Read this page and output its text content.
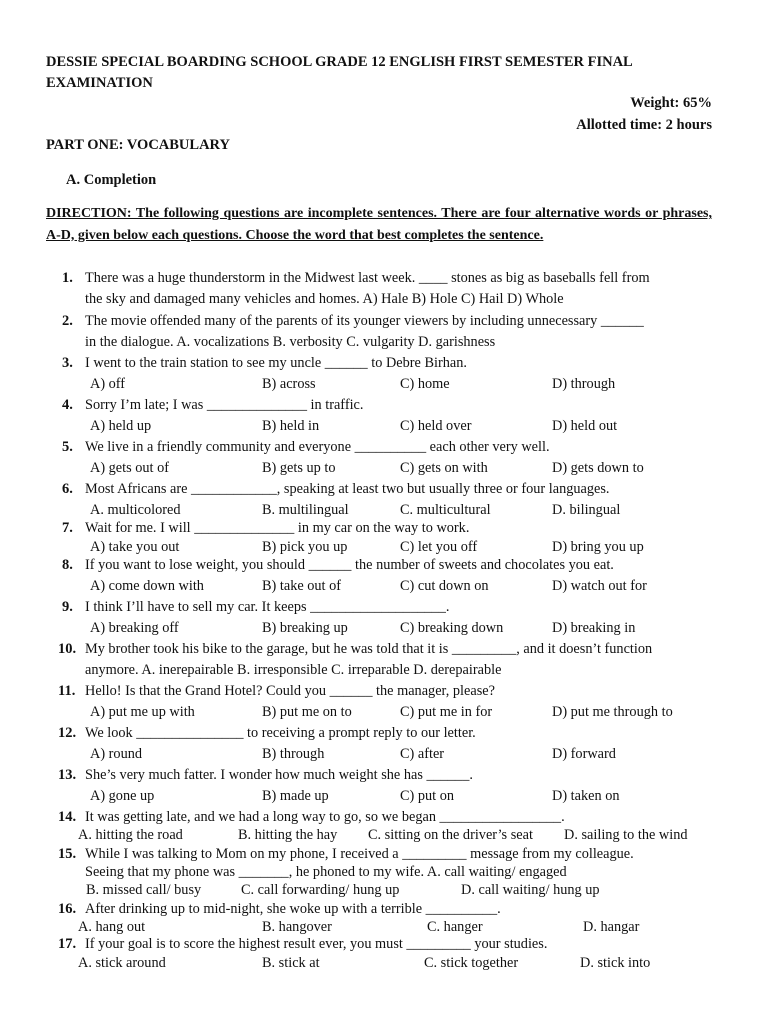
DESSIE SPECIAL BOARDING SCHOOL GRADE 12 ENGLISH FIRST SEMESTER FINAL
EXAMINATION
Weight: 65%
Allotted time: 2 hours
PART ONE: VOCABULARY
A. Completion
DIRECTION: The following questions are incomplete sentences. There are four alternative words or phrases, A-D, given below each questions. Choose the word that best completes the sentence.
1. There was a huge thunderstorm in the Midwest last week. ____ stones as big as baseballs fell from
the sky and damaged many vehicles and homes. A) Hale B) Hole C) Hail D) Whole
2. The movie offended many of the parents of its younger viewers by including unnecessary ______
in the dialogue. A. vocalizations B. verbosity C. vulgarity D. garishness
3. I went to the train station to see my uncle ______ to Debre Birhan.
A) off	B) across	C) home	D) through
4. Sorry I’m late; I was ______________ in traffic.
A) held up	B) held in	C) held over	D) held out
5. We live in a friendly community and everyone __________ each other very well.
A) gets out of	B) gets up to	C) gets on with	D) gets down to
6. Most Africans are ____________, speaking at least two but usually three or four languages.
A. multicolored	B. multilingual	C. multicultural	D. bilingual
7. Wait for me. I will ______________ in my car on the way to work.
A) take you out	B) pick you up	C) let you off	D) bring you up
8. If you want to lose weight, you should ______ the number of sweets and chocolates you eat.
A) come down with	B) take out of	C) cut down on	D) watch out for
9. I think I’ll have to sell my car. It keeps ___________________.
A) breaking off	B) breaking up	C) breaking down	D) breaking in
10. My brother took his bike to the garage, but he was told that it is _________, and it doesn’t function
anymore. A. inerepairable B. irresponsible C. irreparable D. derepairable
11. Hello! Is that the Grand Hotel? Could you ______ the manager, please?
A) put me up with	B) put me on to	C) put me in for	D) put me through to
12. We look _______________ to receiving a prompt reply to our letter.
A) round	B) through	C) after	D) forward
13. She’s very much fatter. I wonder how much weight she has ______.
A) gone up	B) made up	C) put on	D) taken on
14. It was getting late, and we had a long way to go, so we began _________________.
A. hitting the road	B. hitting the hay C. sitting on the driver’s seat D. sailing to the wind
15. While I was talking to Mom on my phone, I received a _________ message from my colleague.
Seeing that my phone was _______, he phoned to my wife. A. call waiting/ engaged
B. missed call/ busy	C. call forwarding/ hung up	D. call waiting/ hung up
16. After drinking up to mid-night, she woke up with a terrible __________.
A. hang out	B. hangover	C. hanger	D. hangar
17. If your goal is to score the highest result ever, you must _________ your studies.
A. stick around	B. stick at	C. stick together	D. stick into
